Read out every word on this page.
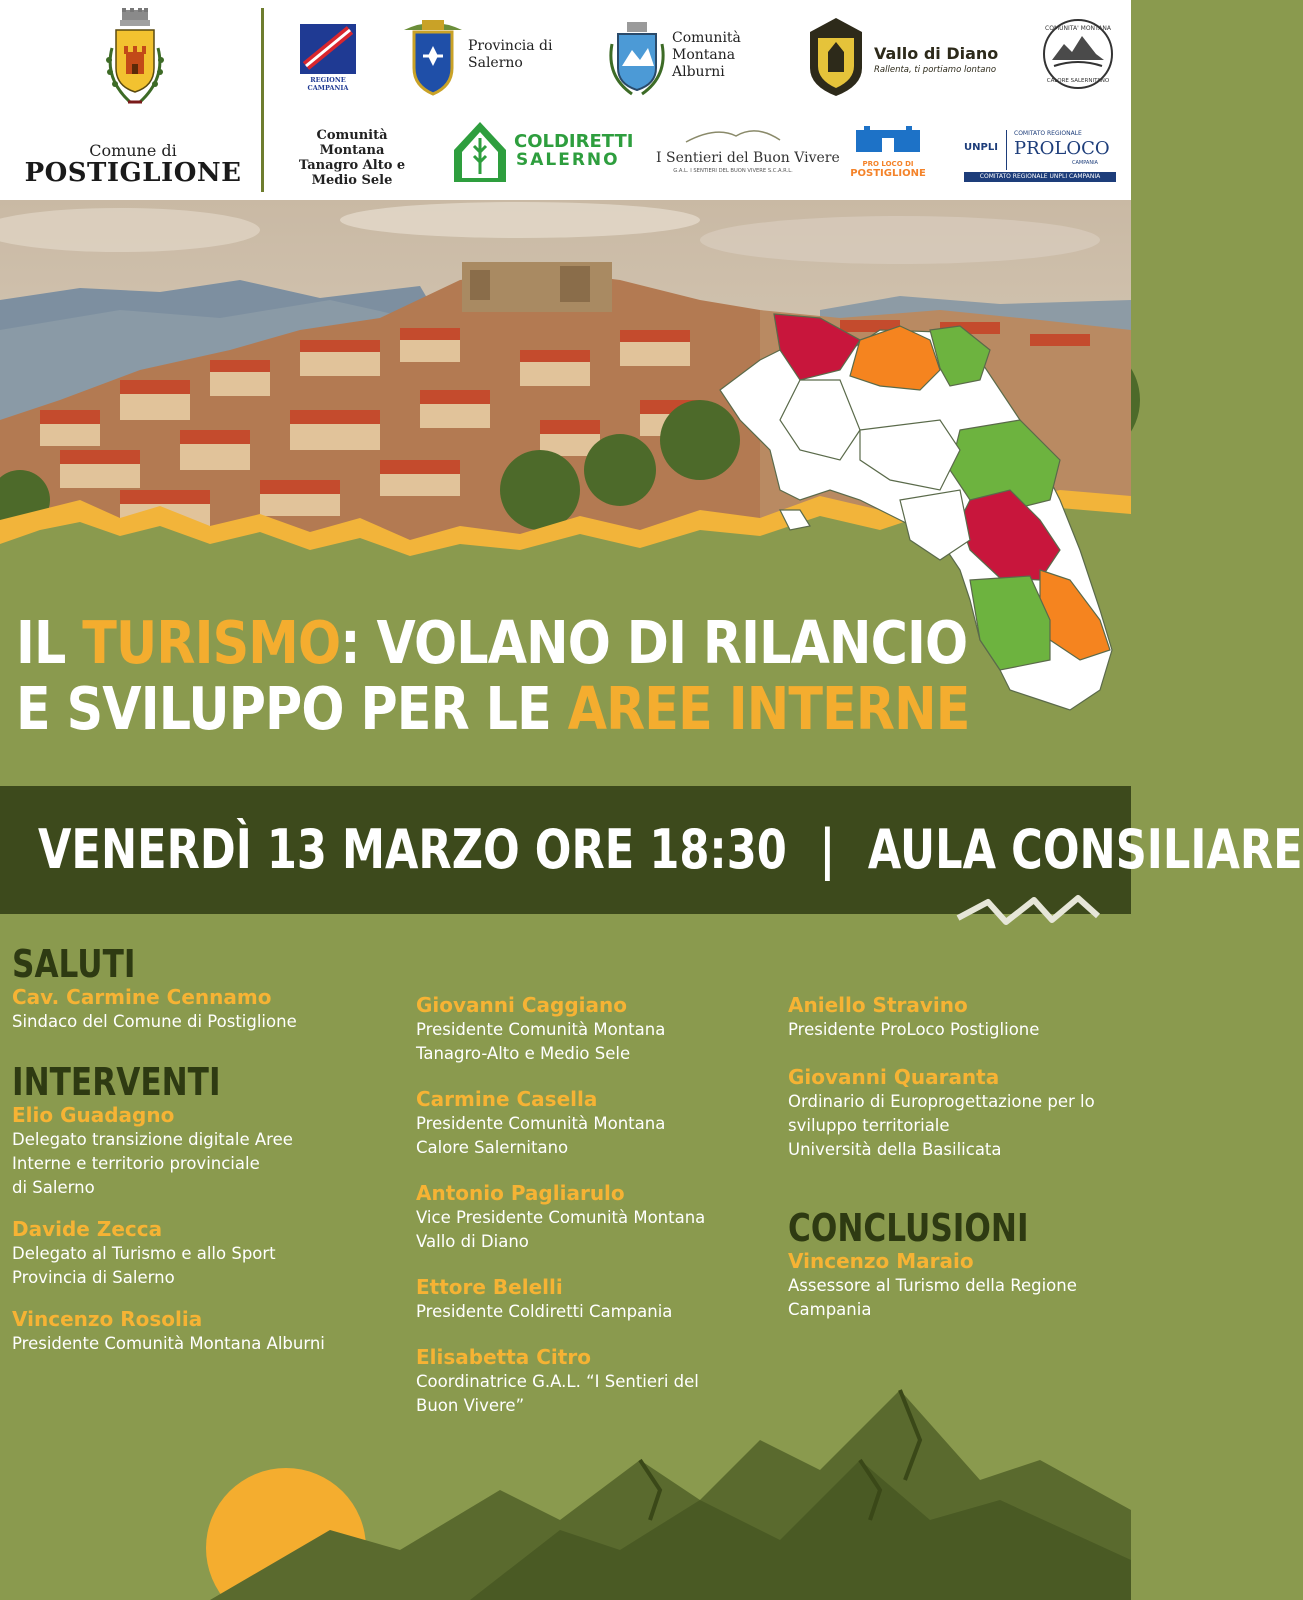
Comune di
POSTIGLIONE
REGIONE CAMPANIA
Provincia di
Salerno
Comunità
Montana
Alburni
Vallo di Diano
Rallenta, ti portiamo lontano
COMUNITA' MONTANA
CALORE SALERNITANO
Comunità Montana
Tanagro Alto e
Medio Sele
COLDIRETTI
SALERNO	I Sentieri del Buon Vivere
G.A.L. I SENTIERI DEL BUON VIVERE S.C.A.R.L.
PRO LOCO DI
POSTIGLIONE
UNPLI
COMITATO REGIONALE
PROLOCO
CAMPANIA
COMITATO REGIONALE UNPLI CAMPANIA
IL TURISMO: VOLANO DI RILANCIO
E SVILUPPO PER LE AREE INTERNE
VENERDÌ 13 MARZO ORE 18:30 | AULA CONSILIARE
SALUTI
Cav. Carmine Cennamo
Sindaco del Comune di Postiglione
INTERVENTI
Elio Guadagno
Delegato transizione digitale Aree
Interne e territorio provinciale
di Salerno
Davide Zecca
Delegato al Turismo e allo Sport
Provincia di Salerno
Vincenzo Rosolia
Presidente Comunità Montana Alburni
Giovanni Caggiano
Presidente Comunità Montana
Tanagro-Alto e Medio Sele
Carmine Casella
Presidente Comunità Montana
Calore Salernitano
Antonio Pagliarulo
Vice Presidente Comunità Montana
Vallo di Diano
Ettore Belelli
Presidente Coldiretti Campania
Elisabetta Citro
Coordinatrice G.A.L. “I Sentieri del
Buon Vivere”
Aniello Stravino
Presidente ProLoco Postiglione
Giovanni Quaranta
Ordinario di Europrogettazione per lo
sviluppo territoriale
Università della Basilicata
CONCLUSIONI
Vincenzo Maraio
Assessore al Turismo della Regione
Campania
